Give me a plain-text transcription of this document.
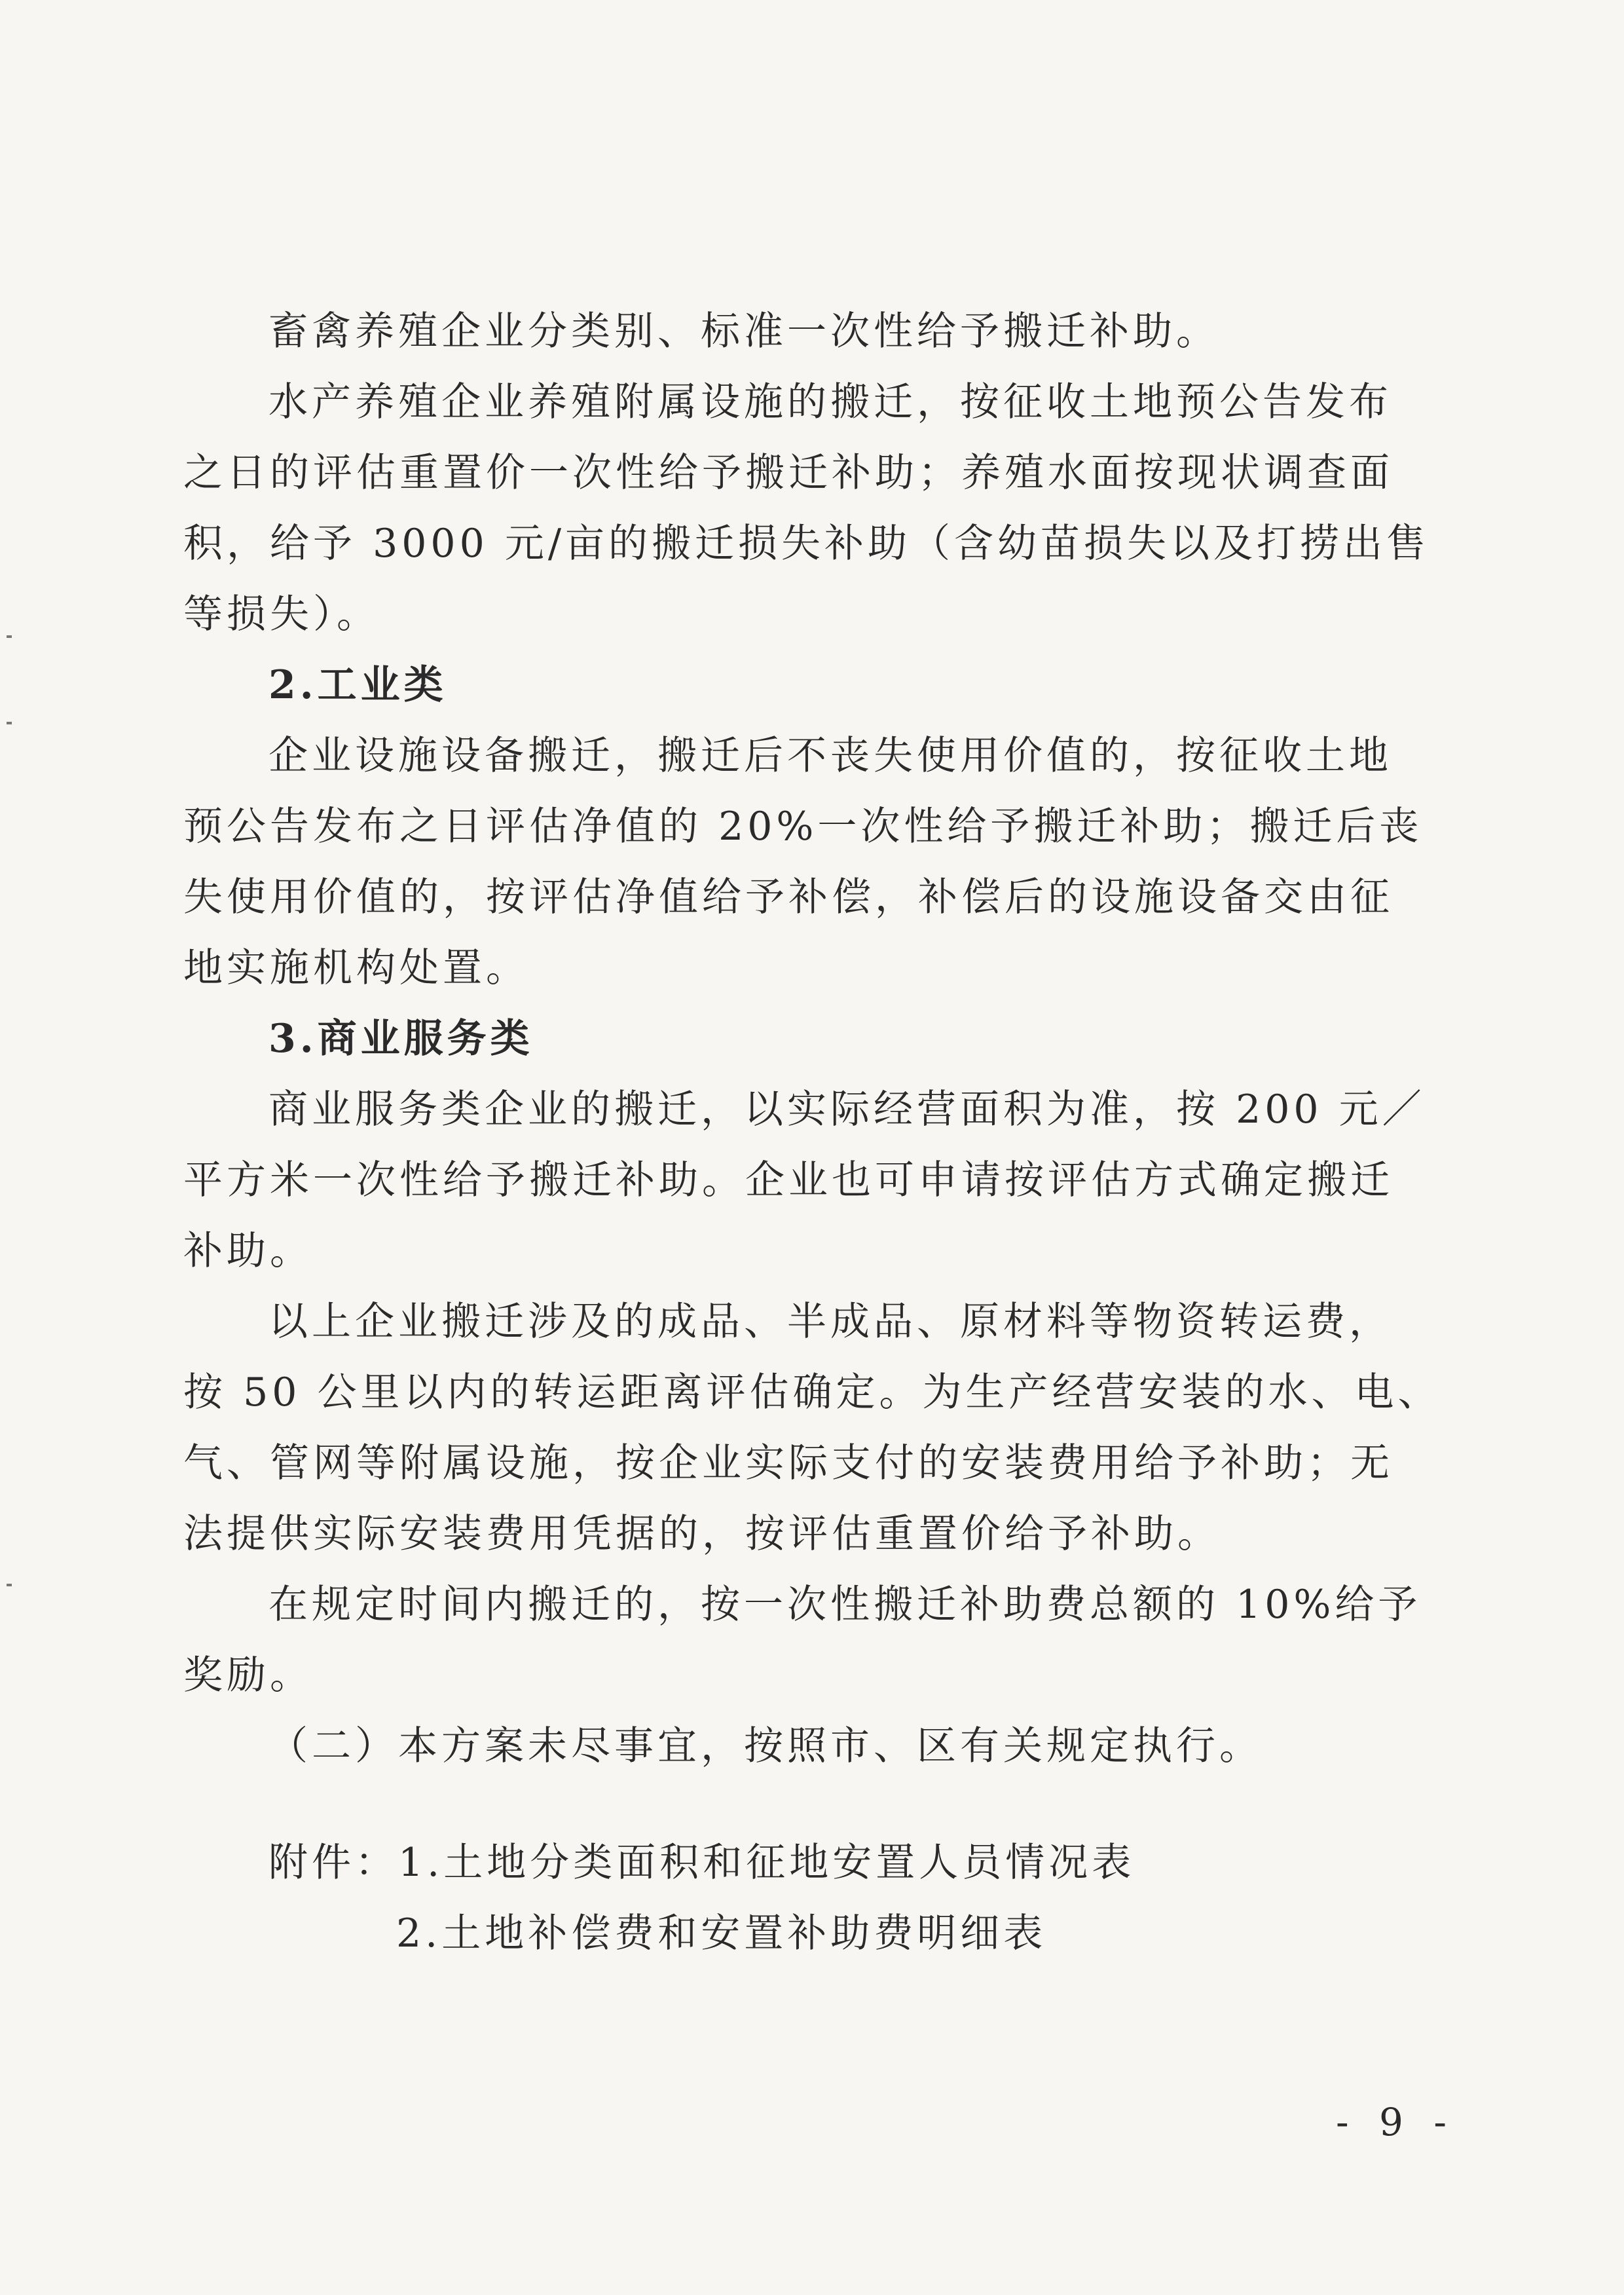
畜禽养殖企业分类别、标准一次性给予搬迁补助。
水产养殖企业养殖附属设施的搬迁，按征收土地预公告发布
之日的评估重置价一次性给予搬迁补助；养殖水面按现状调查面
积，给予 3000 元/亩的搬迁损失补助（含幼苗损失以及打捞出售
等损失）。
2.工业类
企业设施设备搬迁，搬迁后不丧失使用价值的，按征收土地
预公告发布之日评估净值的 20%一次性给予搬迁补助；搬迁后丧
失使用价值的，按评估净值给予补偿，补偿后的设施设备交由征
地实施机构处置。
3.商业服务类
商业服务类企业的搬迁，以实际经营面积为准，按 200 元／
平方米一次性给予搬迁补助。企业也可申请按评估方式确定搬迁
补助。
以上企业搬迁涉及的成品、半成品、原材料等物资转运费，
按 50 公里以内的转运距离评估确定。为生产经营安装的水、电、
气、管网等附属设施，按企业实际支付的安装费用给予补助；无
法提供实际安装费用凭据的，按评估重置价给予补助。
在规定时间内搬迁的，按一次性搬迁补助费总额的 10%给予
奖励。
（二）本方案未尽事宜，按照市、区有关规定执行。
附件：1.土地分类面积和征地安置人员情况表
2.土地补偿费和安置补助费明细表
- 9 -
